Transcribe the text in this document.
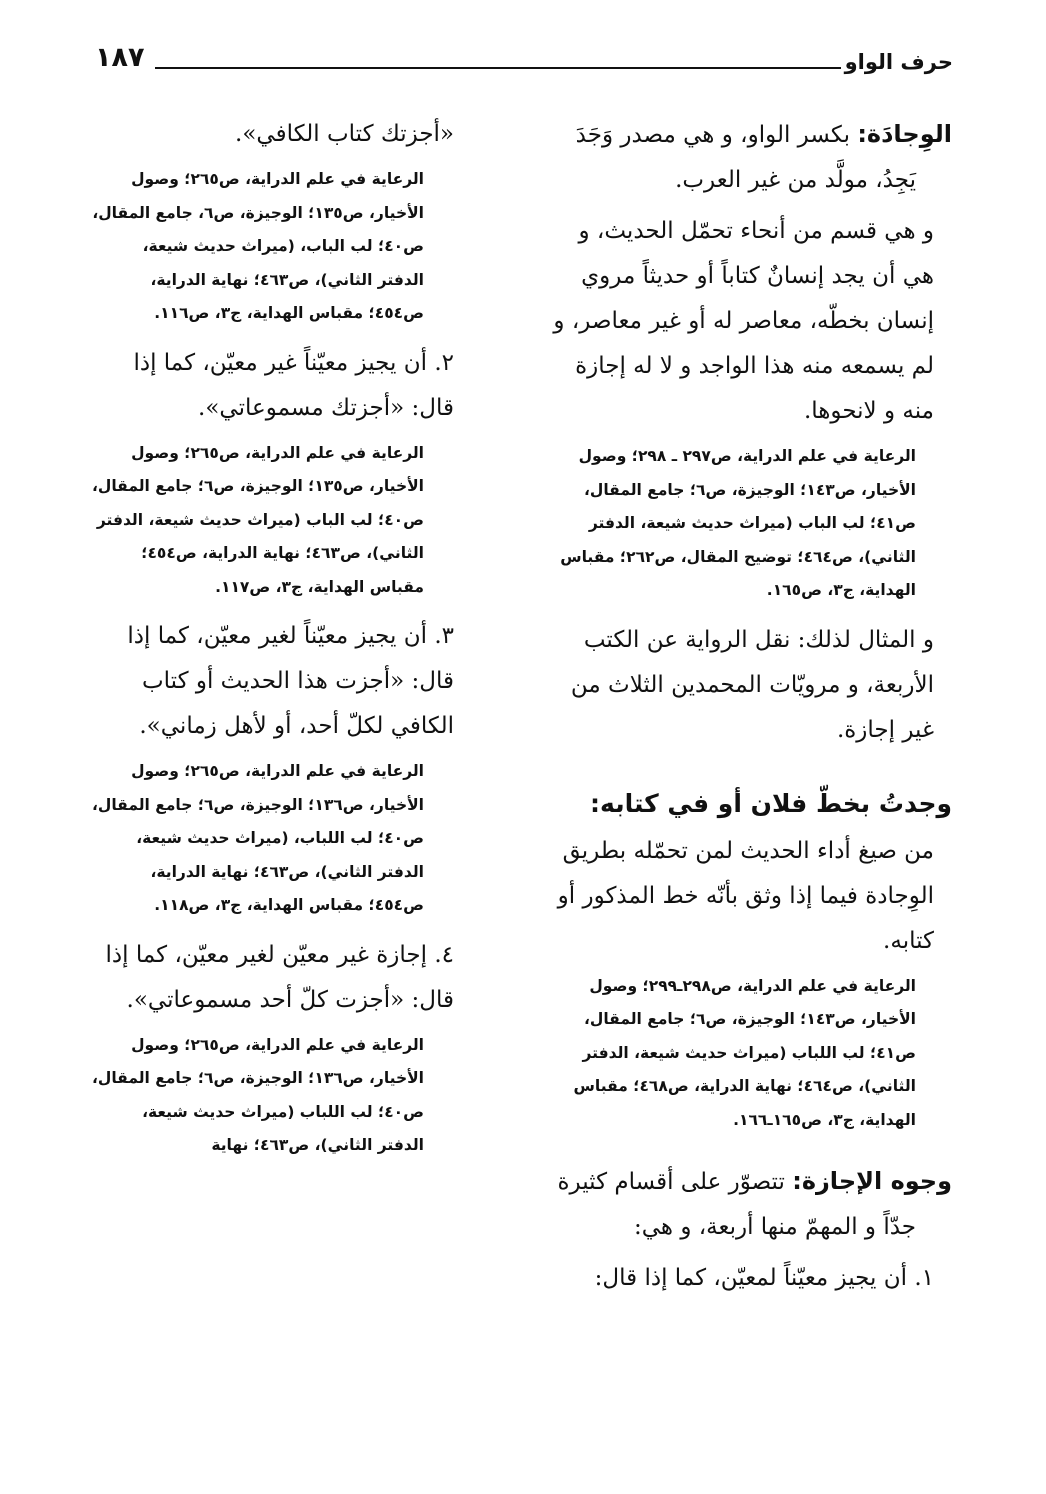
حرف الواو
١٨٧
الوِجادَة: بكسر الواو، و هي مصدر وَجَدَ يَجِدُ، مولَّد من غير العرب.
و هي قسم من أنحاء تحمّل الحديث، و هي أن يجد إنسانٌ كتاباً أو حديثاً مروي إنسان بخطّه، معاصر له أو غير معاصر، و لم يسمعه منه هذا الواجد و لا له إجازة منه و لانحوها.
الرعاية في علم الدراية، ص٢٩٧ ـ ٢٩٨؛ وصول الأخيار، ص١٤٣؛ الوجيزة، ص٦؛ جامع المقال، ص٤١؛ لب الباب (ميراث حديث شيعة، الدفتر الثاني)، ص٤٦٤؛ توضيح المقال، ص٢٦٢؛ مقباس الهداية، ج٣، ص١٦٥.
و المثال لذلك: نقل الرواية عن الكتب الأربعة، و مرويّات المحمدين الثلاث من غير إجازة.
وجدتُ بخطّ فلان أو في كتابه:
من صيغ أداء الحديث لمن تحمّله بطريق الوِجادة فيما إذا وثق بأنّه خط المذكور أو كتابه.
الرعاية في علم الدراية، ص٢٩٨ـ٢٩٩؛ وصول الأخيار، ص١٤٣؛ الوجيزة، ص٦؛ جامع المقال، ص٤١؛ لب اللباب (ميراث حديث شيعة، الدفتر الثاني)، ص٤٦٤؛ نهاية الدراية، ص٤٦٨؛ مقباس الهداية، ج٣، ص١٦٥ـ١٦٦.
وجوه الإجازة: تتصوّر على أقسام كثيرة جدّاً و المهمّ منها أربعة، و هي:
١. أن يجيز معيّناً لمعيّن، كما إذا قال:
«أجزتك كتاب الكافي».
الرعاية في علم الدراية، ص٢٦٥؛ وصول الأخيار، ص١٣٥؛ الوجيزة، ص٦، جامع المقال، ص٤٠؛ لب الباب، (ميراث حديث شيعة، الدفتر الثاني)، ص٤٦٣؛ نهاية الدراية، ص٤٥٤؛ مقباس الهداية، ج٣، ص١١٦.
٢. أن يجيز معيّناً غير معيّن، كما إذا قال: «أجزتك مسموعاتي».
الرعاية في علم الدراية، ص٢٦٥؛ وصول الأخيار، ص١٣٥؛ الوجيزة، ص٦؛ جامع المقال، ص٤٠؛ لب الباب (ميراث حديث شيعة، الدفتر الثاني)، ص٤٦٣؛ نهاية الدراية، ص٤٥٤؛ مقباس الهداية، ج٣، ص١١٧.
٣. أن يجيز معيّناً لغير معيّن، كما إذا قال: «أجزت هذا الحديث أو كتاب الكافي لكلّ أحد، أو لأهل زماني».
الرعاية في علم الدراية، ص٢٦٥؛ وصول الأخيار، ص١٣٦؛ الوجيزة، ص٦؛ جامع المقال، ص٤٠؛ لب اللباب، (ميراث حديث شيعة، الدفتر الثاني)، ص٤٦٣؛ نهاية الدراية، ص٤٥٤؛ مقباس الهداية، ج٣، ص١١٨.
٤. إجازة غير معيّن لغير معيّن، كما إذا قال: «أجزت كلّ أحد مسموعاتي».
الرعاية في علم الدراية، ص٢٦٥؛ وصول الأخيار، ص١٣٦؛ الوجيزة، ص٦؛ جامع المقال، ص٤٠؛ لب اللباب (ميراث حديث شيعة، الدفتر الثاني)، ص٤٦٣؛ نهاية
